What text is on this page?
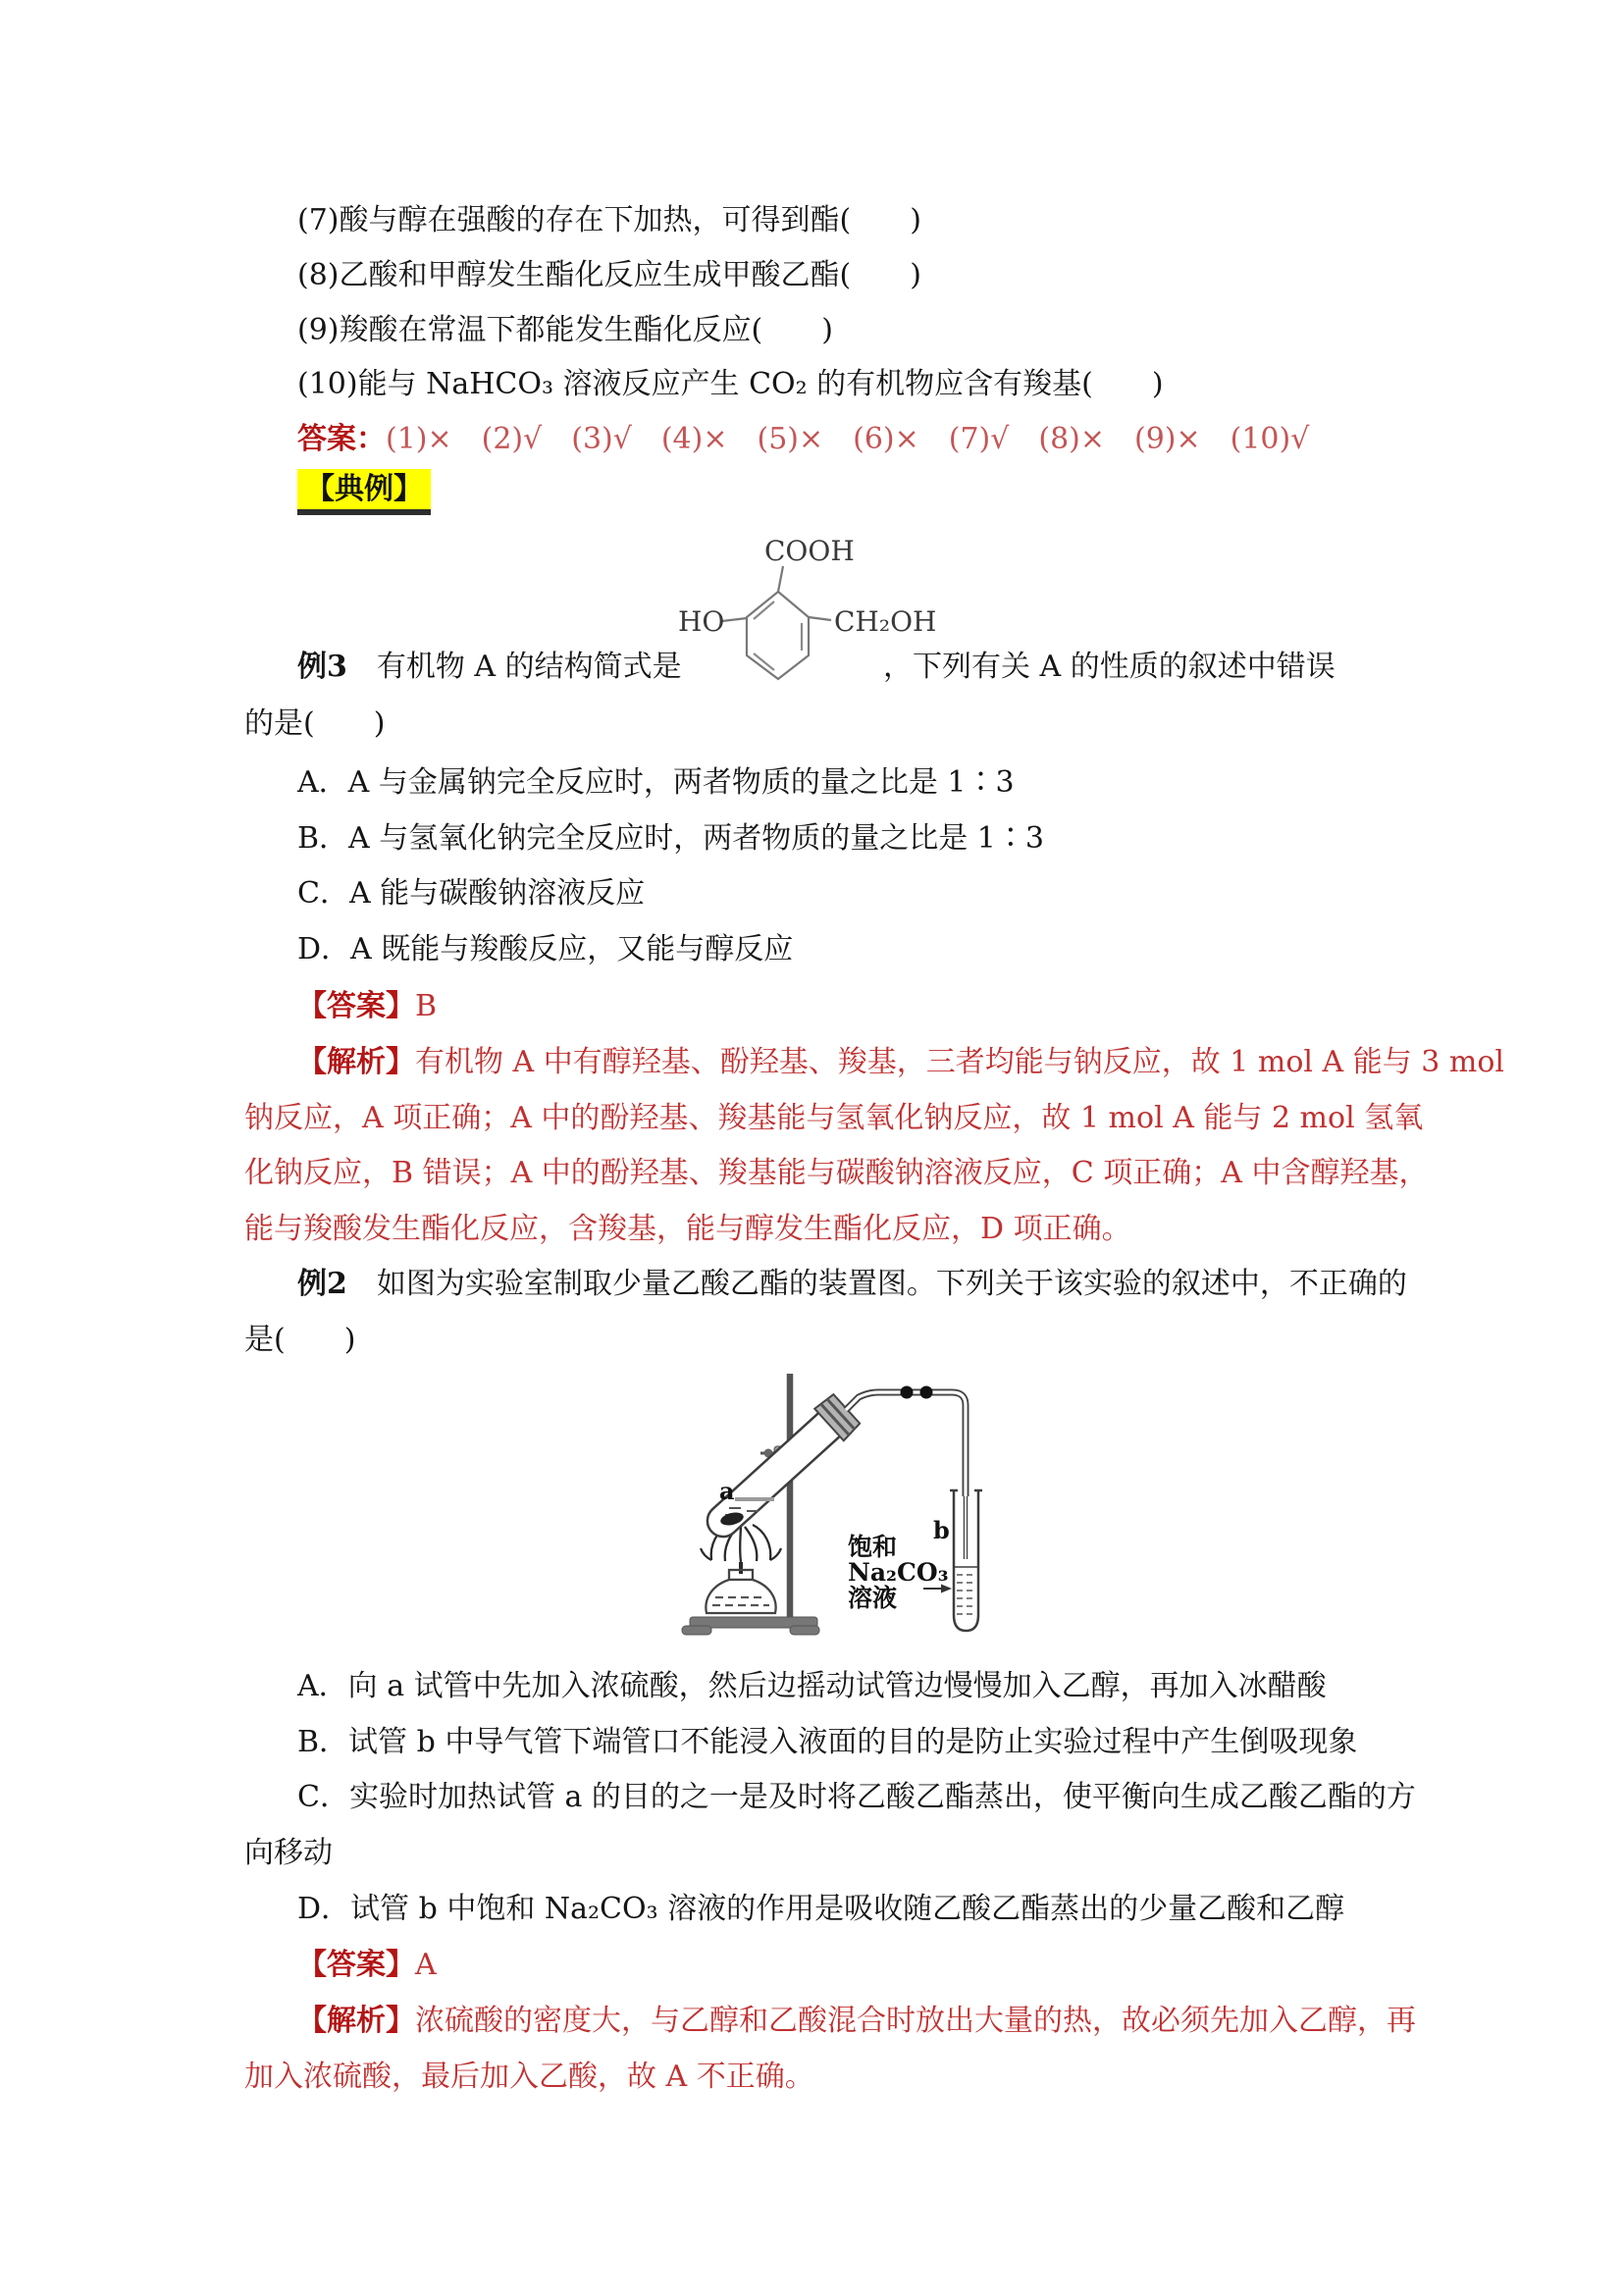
(7)酸与醇在强酸的存在下加热，可得到酯(　　)
(8)乙酸和甲醇发生酯化反应生成甲酸乙酯(　　)
(9)羧酸在常温下都能发生酯化反应(　　)
(10)能与 NaHCO₃ 溶液反应产生 CO₂ 的有机物应含有羧基(　　)
答案：(1)×　(2)√　(3)√　(4)×　(5)×　(6)×　(7)√　(8)×　(9)×　(10)√
【典例】
COOH
HO	CH₂OH
例3　有机物 A 的结构简式是	，下列有关 A 的性质的叙述中错误
的是(　　)
A．A 与金属钠完全反应时，两者物质的量之比是 1∶3
B．A 与氢氧化钠完全反应时，两者物质的量之比是 1∶3
C．A 能与碳酸钠溶液反应
D．A 既能与羧酸反应，又能与醇反应
【答案】B
【解析】有机物 A 中有醇羟基、酚羟基、羧基，三者均能与钠反应，故 1 mol A 能与 3 mol
钠反应，A 项正确；A 中的酚羟基、羧基能与氢氧化钠反应，故 1 mol A 能与 2 mol 氢氧
化钠反应，B 错误；A 中的酚羟基、羧基能与碳酸钠溶液反应，C 项正确；A 中含醇羟基，
能与羧酸发生酯化反应，含羧基，能与醇发生酯化反应，D 项正确。
例2　如图为实验室制取少量乙酸乙酯的装置图。下列关于该实验的叙述中，不正确的
是(　　)
a
b
饱和
Na₂CO₃
溶液
A．向 a 试管中先加入浓硫酸，然后边摇动试管边慢慢加入乙醇，再加入冰醋酸
B．试管 b 中导气管下端管口不能浸入液面的目的是防止实验过程中产生倒吸现象
C．实验时加热试管 a 的目的之一是及时将乙酸乙酯蒸出，使平衡向生成乙酸乙酯的方
向移动
D．试管 b 中饱和 Na₂CO₃ 溶液的作用是吸收随乙酸乙酯蒸出的少量乙酸和乙醇
【答案】A
【解析】浓硫酸的密度大，与乙醇和乙酸混合时放出大量的热，故必须先加入乙醇，再
加入浓硫酸，最后加入乙酸，故 A 不正确。
